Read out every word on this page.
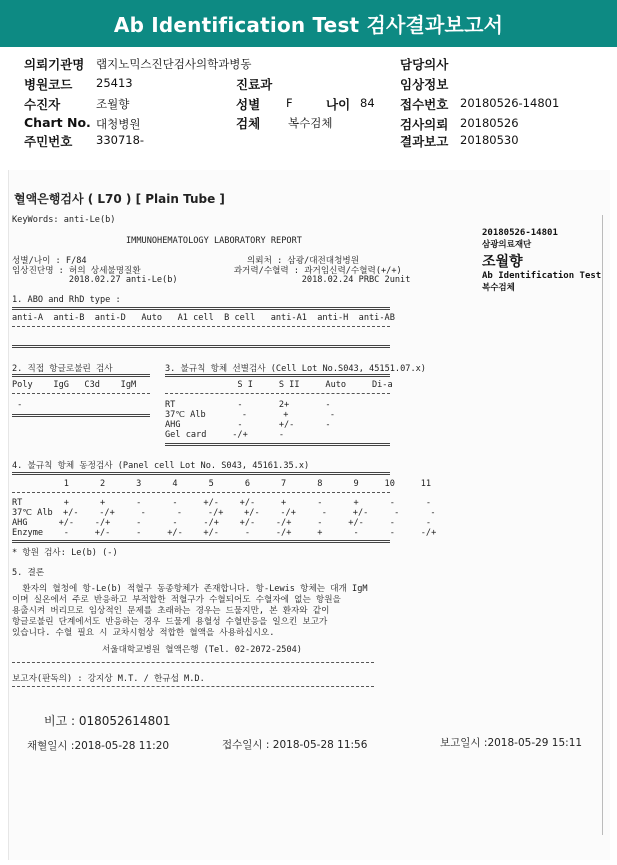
Ab Identification Test 검사결과보고서
의뢰기관명 랩지노믹스진단검사의학과병동
병원코드 25413
수진자	조월향
Chart No. 대청병원
주민번호 330718-
진료과
성별 F	나이 84
검체 복수검체
담당의사
임상정보
접수번호 20180526-14801
검사의뢰 20180526
결과보고 20180530
혈액은행검사 ( L70 ) [ Plain Tube ]
KeyWords: anti-Le(b)
IMMUNOHEMATOLOGY LABORATORY REPORT
성별/나이 : F/84                               의뢰처 : 삼광/대전대청병원
임상진단명 : 허의 상세불명질환                  과거력/수혈력 : 과거임신력/수혈력(+/+)
2018.02.27 anti-Le(b)                        2018.02.24 PRBC 2unit
1. ABO and RhD type :
anti-A  anti-B  anti-D   Auto   A1 cell  B cell   anti-A1  anti-H  anti-AB
2. 직접 항글로불린 검사
Poly    IgG   C3d    IgM
-
3. 불규칙 항체 선별검사 (Cell Lot No.S043, 45151.07.x)
S I     S II     Auto     Di-a
RT            -       2+       -
37℃ Alb       -       +        -
AHG           -       +/-      -
Gel card     -/+      -
4. 불규칙 항체 동정검사 (Panel cell Lot No. S043, 45161.35.x)
1      2      3      4      5      6      7      8      9     10     11
RT        +      +      -      -     +/-    +/-     +      -      +      -      -
37℃ Alb  +/-    -/+     -      -     -/+    +/-    -/+     -     +/-     -      -
AHG      +/-    -/+     -      -     -/+    +/-    -/+     -     +/-     -      -
Enzyme    -     +/-     -     +/-    +/-     -     -/+     +      -      -     -/+
* 항원 검사: Le(b) (-)
5. 결론
환자의 혈청에 항-Le(b) 적혈구 동종항체가 존재합니다. 항-Lewis 항체는 대개 IgM
이며 실온에서 주로 반응하고 부적합한 적혈구가 수혈되어도 수혈자에 없는 항원을
용출시켜 버리므로 임상적인 문제를 초래하는 경우는 드물지만, 본 환자와 같이
항글로불린 단계에서도 반응하는 경우 드물게 용혈성 수혈반응을 일으킨 보고가
있습니다. 수혈 필요 시 교차시험상 적합한 혈액을 사용하십시오.
서울대학교병원 혈액은행 (Tel. 02-2072-2504)
보고자(판독의) : 강지상 M.T. / 한규섭 M.D.
20180526-14801
삼광의료재단
조월향
Ab Identification Test
복수검체
비고 : 018052614801
채혈일시 :2018-05-28 11:20	접수일시 : 2018-05-28 11:56	보고일시 :2018-05-29 15:11
